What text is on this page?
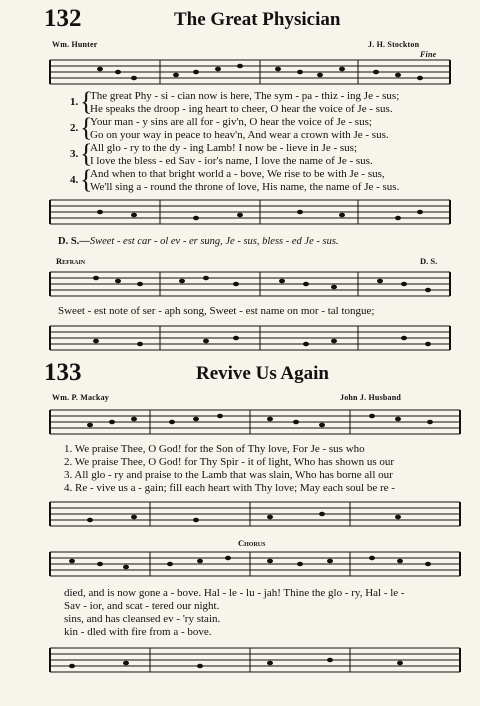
132	The Great Physician
Wm. Hunter	J. H. Stockton
Fine
1. {
The great Phy - si - cian now is here, The sym - pa - thiz - ing Je - sus;
He speaks the droop - ing heart to cheer, O hear the voice of Je - sus.
2. {
Your man - y sins are all for - giv'n, O hear the voice of Je - sus;
Go on your way in peace to heav'n, And wear a crown with Je - sus.
3. {
All glo - ry to the dy - ing Lamb! I now be - lieve in Je - sus;
I love the bless - ed Sav - ior's name, I love the name of Je - sus.
4. {
And when to that bright world a - bove, We rise to be with Je - sus,
We'll sing a - round the throne of love, His name, the name of Je - sus.
D. S.—Sweet - est car - ol ev - er sung, Je - sus, bless - ed Je - sus.
Refrain	D. S.
Sweet - est note of ser - aph song, Sweet - est name on mor - tal tongue;
133	Revive Us Again
Wm. P. Mackay	John J. Husband
1. We praise Thee, O God! for the Son of Thy love, For Je - sus who
2. We praise Thee, O God! for Thy Spir - it of light, Who has shown us our
3. All glo - ry and praise to the Lamb that was slain, Who has borne all our
4. Re - vive us a - gain; fill each heart with Thy love; May each soul be re -
Chorus
died, and is now gone a - bove. Hal - le - lu - jah! Thine the glo - ry, Hal - le -
Sav - ior, and scat - tered our night.
sins, and has cleansed ev - 'ry stain.
kin - dled with fire from a - bove.
